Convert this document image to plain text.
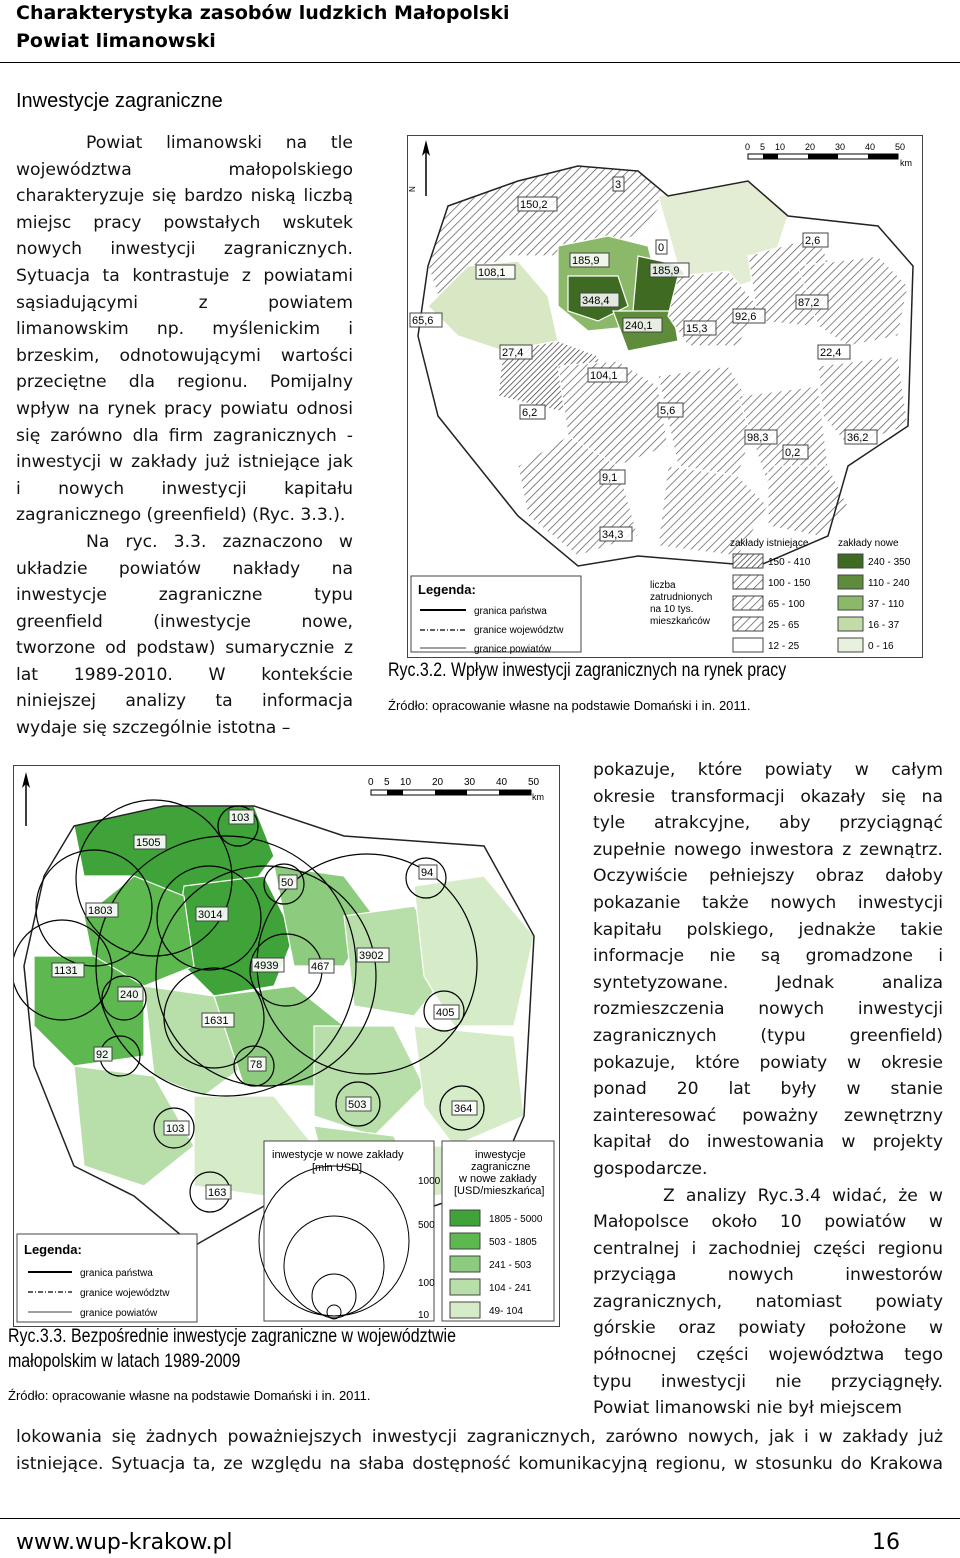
Charakterystyka zasobów ludzkich Małopolski
Powiat limanowski
Inwestycje zagraniczne
Powiat limanowski na tle
województwa małopolskiego
charakteryzuje się bardzo niską liczbą
miejsc pracy powstałych wskutek
nowych inwestycji zagranicznych.
Sytuacja ta kontrastuje z powiatami
sąsiadującymi z powiatem
limanowskim np. myślenickim i
brzeskim, odnotowującymi wartości
przeciętne dla regionu. Pomijalny
wpływ na rynek pracy powiatu odnosi
się zarówno dla firm zagranicznych -
inwestycji w zakłady już istniejące jak
i nowych inwestycji kapitału
zagranicznego (greenfield) (Ryc. 3.3.).
Na ryc. 3.3. zaznaczono w
układzie powiatów nakłady na
inwestycje zagraniczne typu
greenfield (inwestycje nowe,
tworzone od podstaw) sumarycznie z
lat 1989-2010. W kontekście
niniejszej analizy ta informacja
wydaje się szczególnie istotna –
pokazuje, które powiaty w całym
okresie transformacji okazały się na
tyle atrakcyjne, aby przyciągnąć
zupełnie nowego inwestora z zewnątrz.
Oczywiście pełniejszy obraz dałoby
pokazanie także nowych inwestycji
kapitału polskiego, jednakże takie
informacje nie są gromadzone i
syntetyzowane. Jednak analiza
rozmieszczenia nowych inwestycji
zagranicznych (typu greenfield)
pokazuje, które powiaty w okresie
ponad 20 lat były w stanie
zainteresować poważny zewnętrzny
kapitał do inwestowania w projekty
gospodarcze.
Z analizy Ryc.3.4 widać, że w
Małopolsce około 10 powiatów w
centralnej i zachodniej części regionu
przyciąga nowych inwestorów
zagranicznych, natomiast powiaty
górskie oraz powiaty położone w
północnej części województwa tego
typu inwestycji nie przyciągnęły.
Powiat limanowski nie był miejscem
lokowania się żadnych poważniejszych inwestycji zagranicznych, zarówno nowych, jak i w zakłady już
istniejące. Sytuacja ta, ze względu na słaba dostępność komunikacyjną regionu, w stosunku do Krakowa
N
0 5 10 20 30 40 50
km
3
150,2
185,9
0
2,6
108,1
348,4
185,9
87,2
65,6	240,1	15,3
92,6
27,4	22,4
104,1
6,2	5,6
98,3	36,2
0,2
9,1
34,3
Legenda:
granica państwa
granice województw
granice powiatów
liczba
zatrudnionych
na 10 tys.
mieszkańców
zakłady istniejące	zakłady nowe
150 - 410
100 - 150
65 - 100
25 - 65
12 - 25
240 - 350
110 - 240
37 - 110
16 - 37
0 - 16
Ryc.3.2. Wpływ inwestycji zagranicznych na rynek pracy
Źródło: opracowanie własne na podstawie Domański i in. 2011.
0 5 10 20 30 40 50
km
103
1505
50
94
1803	3014
1131	4939	467
3902
240
1631
405
92
78
503	364
103
163
inwestycje w nowe zakłady
[mln USD]
1000
500
100
10
inwestycje
zagraniczne
w nowe zakłady
[USD/mieszkańca]
1805 - 5000
503 - 1805
241 - 503
104 - 241
49- 104
Legenda:
granica państwa
granice województw
granice powiatów
Ryc.3.3. Bezpośrednie inwestycje zagraniczne w województwie
małopolskim w latach 1989-2009
Źródło: opracowanie własne na podstawie Domański i in. 2011.
www.wup-krakow.pl	16
